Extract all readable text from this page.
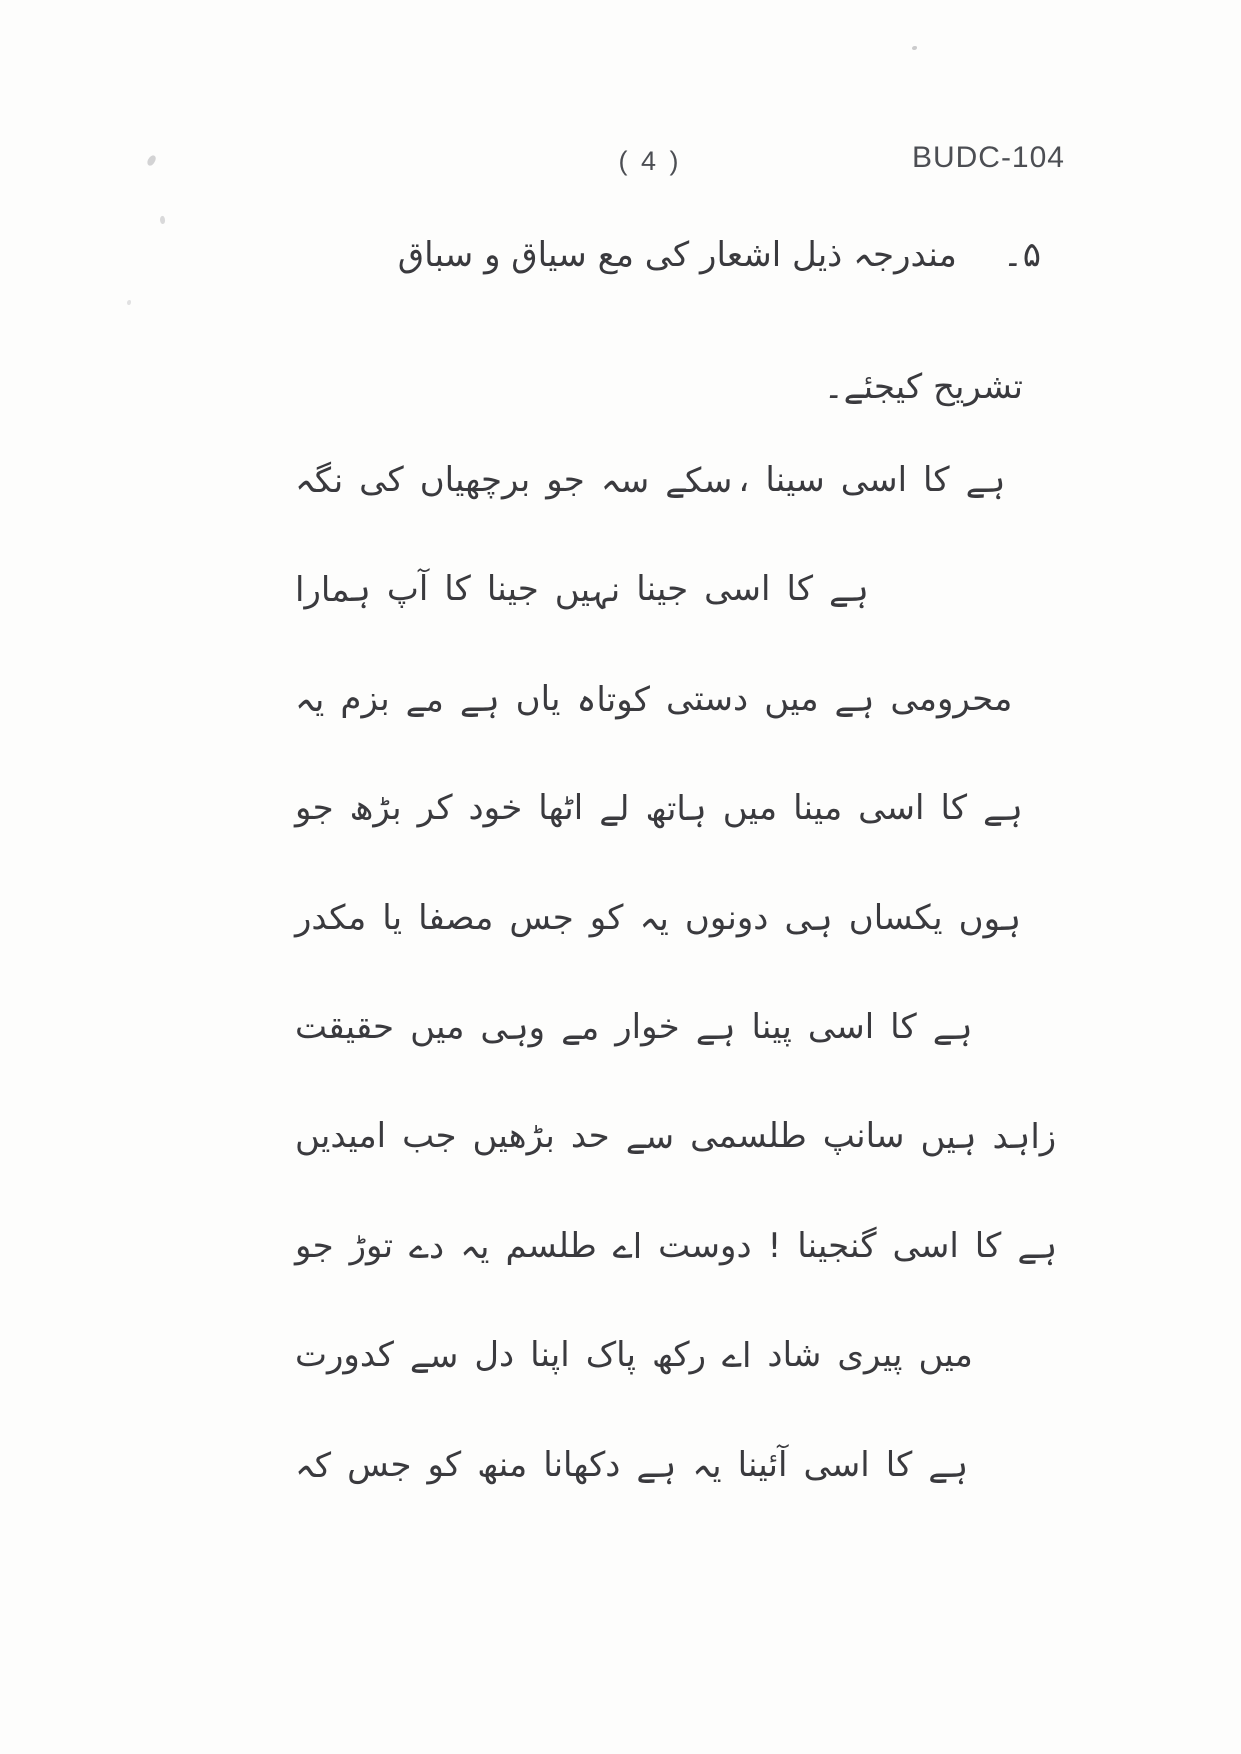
( 4 )	BUDC-104
۵۔
مندرجہ ذیل اشعار کی مع سیاق و سباق
تشریح کیجئے۔
نگہ کی برچھیاں جو سہ سکے ، سینا اسی کا ہے
ہمارا آپ کا جینا نہیں جینا اسی کا ہے
یہ بزم مے ہے یاں کوتاہ دستی میں ہے محرومی
جو بڑھ کر خود اٹھا لے ہاتھ میں مینا اسی کا ہے
مکدر یا مصفا جس کو یہ دونوں ہی یکساں ہوں
حقیقت میں وہی مے خوار ہے پینا اسی کا ہے
امیدیں جب بڑھیں حد سے طلسمی سانپ ہیں زاہد
جو توڑ دے یہ طلسم اے دوست ! گنجینا اسی کا ہے
کدورت سے دل اپنا پاک رکھ اے شاد پیری میں
کہ جس کو منھ دکھانا ہے یہ آئینا اسی کا ہے
